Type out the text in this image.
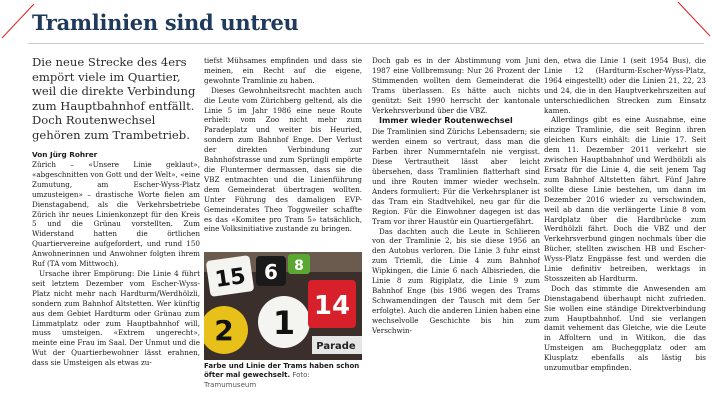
Tramlinien sind untreu
Die neue Strecke des 4ers empört viele im Quartier, weil die direkte Verbindung zum Hauptbahnhof entfällt. Doch Routenwechsel gehören zum Trambetrieb.
Von Jürg Rohrer

Zürich – «Unsere Linie geklaut», «abgeschnitten von Gott und der Welt», «eine Zumutung, am Escher-Wyss-Platz umzusteigen» – drastische Worte fielen am Dienstagabend, als die Verkehrsbetriebe Zürich ihr neues Linienkonzept für den Kreis 5 und die Grünau vorstellten. Zum Widerstand hatten die örtlichen Quartiervereine aufgefordert, und rund 150 Anwohnerinnen und Anwohner folgten ihrem Ruf (TA vom Mittwoch).

Ursache ihrer Empörung: Die Linie 4 führt seit letztem Dezember vom Escher-Wyss-Platz nicht mehr nach Hardturm/Werdhölzli, sondern zum Bahnhof Altstetten. Wer künftig aus dem Gebiet Hardturm oder Grünau zum Limmatplatz oder zum Hauptbahnhof will, muss umsteigen. «Extrem ungerecht», meinte eine Frau im Saal. Der Unmut und die Wut der Quartierbewohner lässt erahnen, dass sie Umsteigen als etwas zu-

tiefst Mühsames empfinden und dass sie meinen, ein Recht auf die eigene, gewohnte Tramlinie zu haben.

Dieses Gewohnheitsrecht machten auch die Leute vom Zürichberg geltend, als die Linie 5 im Jahr 1986 eine neue Route erhielt: vom Zoo nicht mehr zum Paradeplatz und weiter bis Heuried, sondern zum Bahnhof Enge. Der Verlust der direkten Verbindung zur Bahnhofstrasse und zum Sprüngli empörte die Fluntermer dermassen, dass sie die VBZ entmachten und die Linienführung dem Gemeinderat übertragen wollten. Unter Führung des damaligen EVP-Gemeinderates Theo Toggweiler schaffte es das «Komitee pro Tram 5» tatsächlich, eine Volksinitiative zustande zu bringen.

15 6
2 1 14
8
Parade
Farbe und Linie der Trams haben schon öfter mal gewechselt. Foto: Tramumuseum

Doch gab es in der Abstimmung vom Juni 1987 eine Vollbremsung: Nur 26 Prozent der Stimmenden wollten dem Gemeinderat die Trams überlassen. Es hätte auch nichts genützt: Seit 1990 herrscht der kantonale Verkehrsverbund über die VBZ.

Immer wieder Routenwechsel

Die Tramlinien sind Zürichs Lebensadern; sie werden einem so vertraut, dass man die Farben ihrer Nummerntafeln nie vergisst. Diese Vertrautheit lässt aber leicht übersehen, dass Tramlinien flatterhaft sind und ihre Routen immer wieder wechseln. Anders formuliert: Für die Verkehrsplaner ist das Tram ein Stadtvehikel, neu gar für die Region. Für die Einwohner dagegen ist das Tram vor ihrer Haustür ein Quartiergefährt.

Das dachten auch die Leute in Schlieren von der Tramlinie 2, bis sie diese 1956 an den Autobus verloren. Die Linie 3 fuhr einst zum Triemli, die Linie 4 zum Bahnhof Wipkingen, die Linie 6 nach Albisrieden, die Linie 8 zum Rigiplatz, die Linie 9 zum Bahnhof Enge (bis 1986 wegen des Trams Schwamendingen der Tausch mit dem 5er erfolgte). Auch die anderen Linien haben eine wechselvolle Geschichte bis hin zum Verschwin-

den, etwa die Linie 1 (seit 1954 Bus), die Linie 12 (Hardturm-Escher-Wyss-Platz, 1964 eingestellt) oder die Linien 21, 22, 23 und 24, die in den Hauptverkehrszeiten auf unterschiedlichen Strecken zum Einsatz kamen.

Allerdings gibt es eine Ausnahme, eine einzige Tramlinie, die seit Beginn ihren gleichen Kurs einhält: die Linie 17. Seit dem 11. Dezember 2011 verkehrt sie zwischen Hauptbahnhof und Werdhölzli als Ersatz für die Linie 4, die seit jenem Tag zum Bahnhof Altstetten fährt. Fünf Jahre sollte diese Linie bestehen, um dann im Dezember 2016 wieder zu verschwinden, weil ab dann die verlängerte Linie 8 vom Hardplatz über die Hardbrücke zum Werdhölzli fährt. Doch die VBZ und der Verkehrsverbund gingen nochmals über die Bücher, stellten zwischen HB und Escher-Wyss-Platz Engpässe fest und werden die Linie definitiv betreiben, werktags in Stosszeiten ab Hardturm.

Doch das stimmte die Anwesenden am Dienstagabend überhaupt nicht zufrieden. Sie wollen eine ständige Direktverbindung zum Hauptbahnhof. Und sie verlangen damit vehement das Gleiche, wie die Leute in Affoltern und in Witikon, die das Umsteigen am Bucheggplatz oder am Klusplatz ebenfalls als lästig bis unzumutbar empfinden.
